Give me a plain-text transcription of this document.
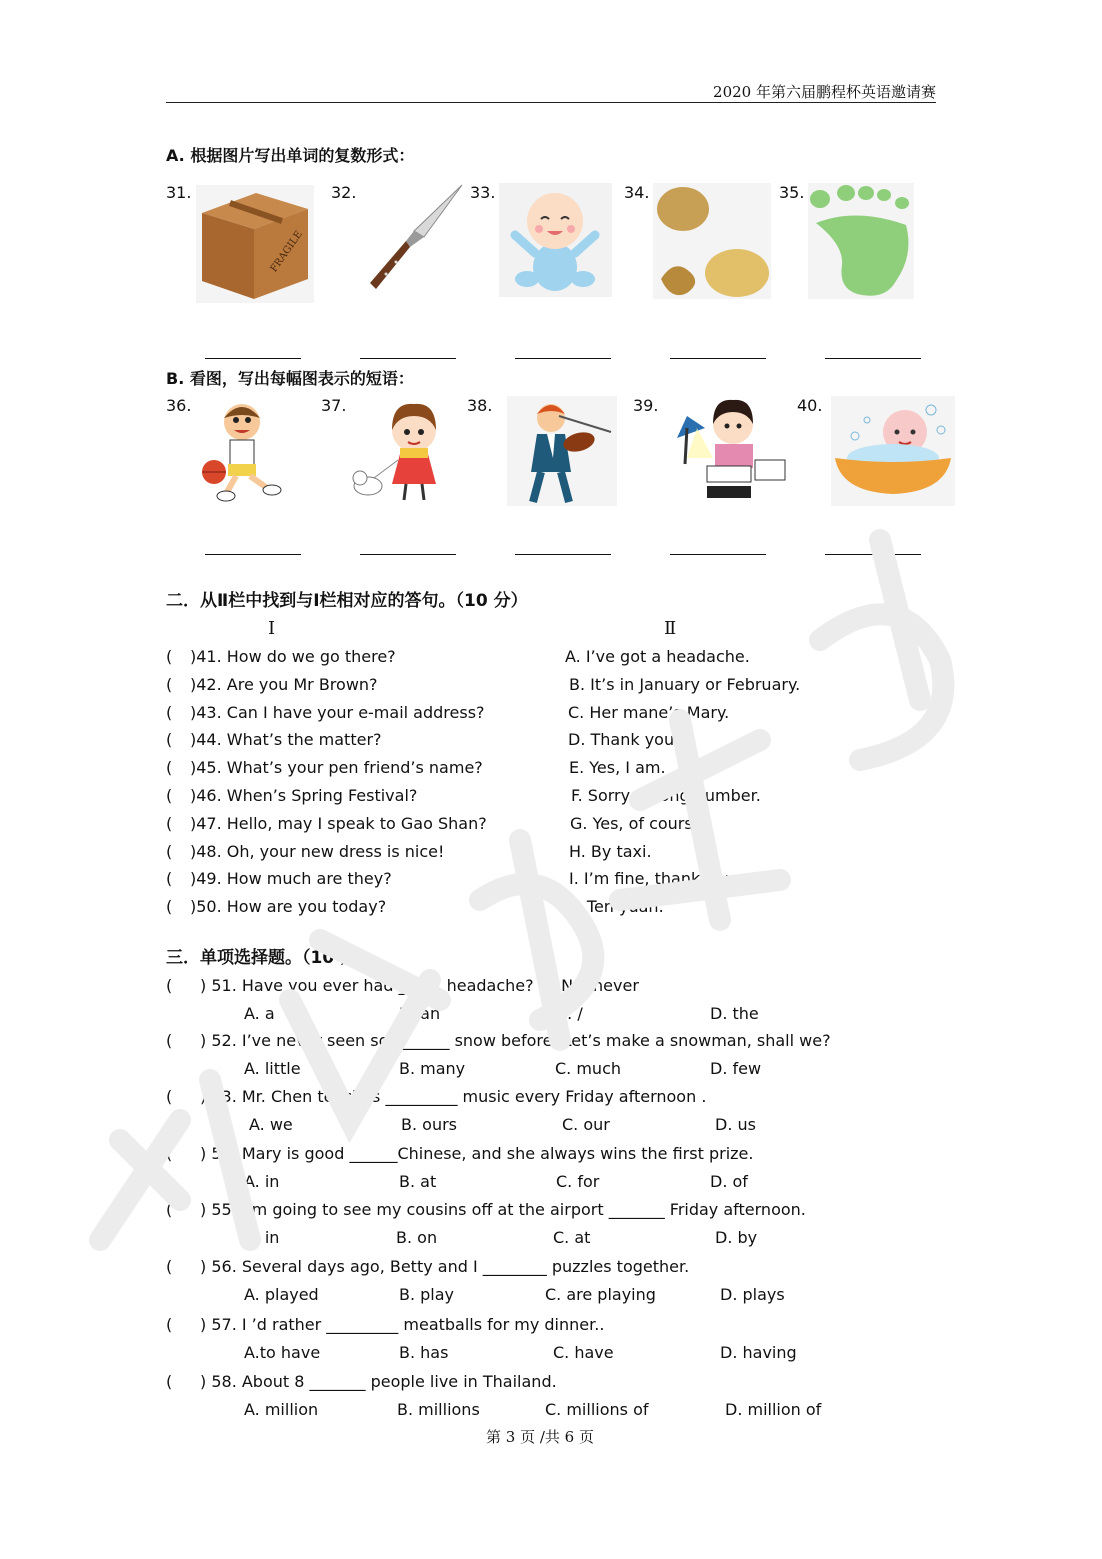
2020 年第六届鹏程杯英语邀请赛
A. 根据图片写出单词的复数形式：
31.	32.	33.	34.	35.
FRAGILE
B. 看图，写出每幅图表示的短语：
36.	37.	38.	39.	40.
二．从Ⅱ栏中找到与Ⅰ栏相对应的答句。（10 分）
Ⅰ	Ⅱ
( )41. How do we go there?	A. I’ve got a headache.
( )42. Are you Mr Brown?	B. It’s in January or February.
( )43. Can I have your e-mail address?	C. Her mane’s Mary.
( )44. What’s the matter?	D. Thank you!
( )45. What’s your pen friend’s name?	E. Yes, I am.
( )46. When’s Spring Festival?	F. Sorry, wrong number.
( )47. Hello, may I speak to Gao Shan?	G. Yes, of course.
( )48. Oh, your new dress is nice!	H. By taxi.
( )49. How much are they?	I. I’m fine, thank you.
( )50. How are you today?	J. Ten yuan.
三．单项选择题。（10 分）
( ) 51. Have you ever had ______headache? --- No, never
A. a	B. an	C. /	D. the
( ) 52. I’ve never seen so _______ snow before. Let’s make a snowman, shall we?
A. little	B. many	C. much	D. few
( ) 53. Mr. Chen teaches _________ music every Friday afternoon .
A. we	B. ours	C. our	D. us
( ) 54. Mary is good ______Chinese, and she always wins the first prize.
A. in	B. at	C. for	D. of
( ) 55. I’m going to see my cousins off at the airport _______ Friday afternoon.
A. in	B. on	C. at	D. by
( ) 56. Several days ago, Betty and I ________ puzzles together.
A. played	B. play	C. are playing	D. plays
( ) 57. I ’d rather _________ meatballs for my dinner..
A.to have	B. has	C. have	D. having
( ) 58. About 8 _______ people live in Thailand.
A. million	B. millions	C. millions of	D. million of
第 3 页 /共 6 页
